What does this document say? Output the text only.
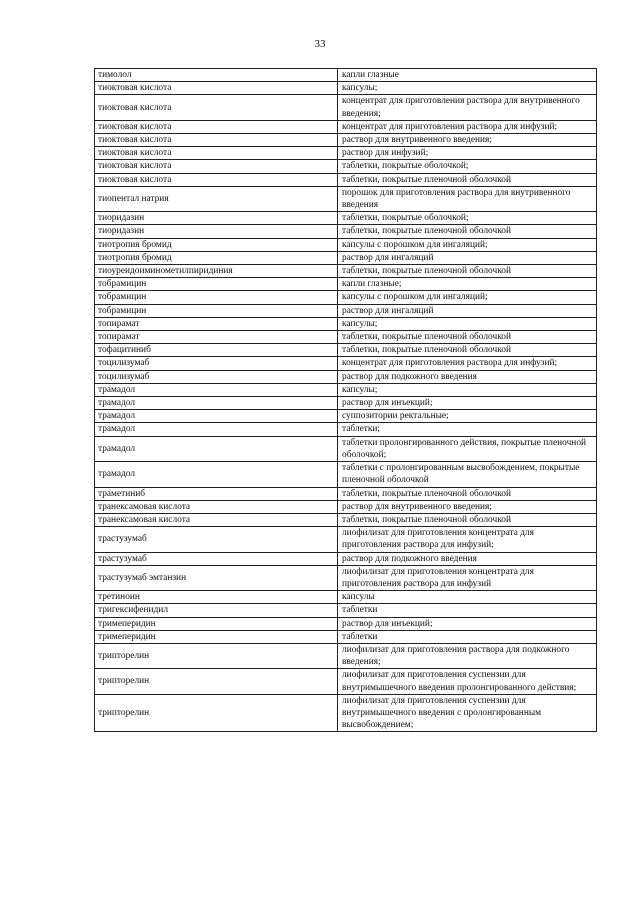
33
тимолол	капли глазные
тиоктовая кислота	капсулы;
тиоктовая кислота	концентрат для приготовления раствора для внутривенного введения;
тиоктовая кислота	концентрат для приготовления раствора для инфузий;
тиоктовая кислота	раствор для внутривенного введения;
тиоктовая кислота	раствор для инфузий;
тиоктовая кислота	таблетки, покрытые оболочкой;
тиоктовая кислота	таблетки, покрытые пленочной оболочкой
тиопентал натрия	порошок для приготовления раствора для внутривенного введения
тиоридазин	таблетки, покрытые оболочкой;
тиоридазин	таблетки, покрытые пленочной оболочкой
тиотропия бромид	капсулы с порошком для ингаляций;
тиотропия бромид	раствор для ингаляций
тиоуреидоиминометилпиридиния	таблетки, покрытые пленочной оболочкой
тобрамицин	капли глазные;
тобрамицин	капсулы с порошком для ингаляций;
тобрамицин	раствор для ингаляций
топирамат	капсулы;
топирамат	таблетки, покрытые пленочной оболочкой
тофацитиниб	таблетки, покрытые пленочной оболочкой
тоцилизумаб	концентрат для приготовления раствора для инфузий;
тоцилизумаб	раствор для подкожного введения
трамадол	капсулы;
трамадол	раствор для инъекций;
трамадол	суппозитории ректальные;
трамадол	таблетки;
трамадол	таблетки пролонгированного действия, покрытые пленочной оболочкой;
трамадол	таблетки с пролонгированным высвобождением, покрытые пленочной оболочкой
траметиниб	таблетки, покрытые пленочной оболочкой
транексамовая кислота	раствор для внутривенного введения;
транексамовая кислота	таблетки, покрытые пленочной оболочкой
трастузумаб	лиофилизат для приготовления концентрата для приготовления раствора для инфузий;
трастузумаб	раствор для подкожного введения
трастузумаб эмтанзин	лиофилизат для приготовления концентрата для приготовления раствора для инфузий
третиноин	капсулы
тригексифенидил	таблетки
тримеперидин	раствор для инъекций;
тримеперидин	таблетки
трипторелин	лиофилизат для приготовления раствора для подкожного введения;
трипторелин	лиофилизат для приготовления суспензии для внутримышечного введения пролонгированного действия;
трипторелин	лиофилизат для приготовления суспензии для внутримышечного введения с пролонгированным высвобождением;
